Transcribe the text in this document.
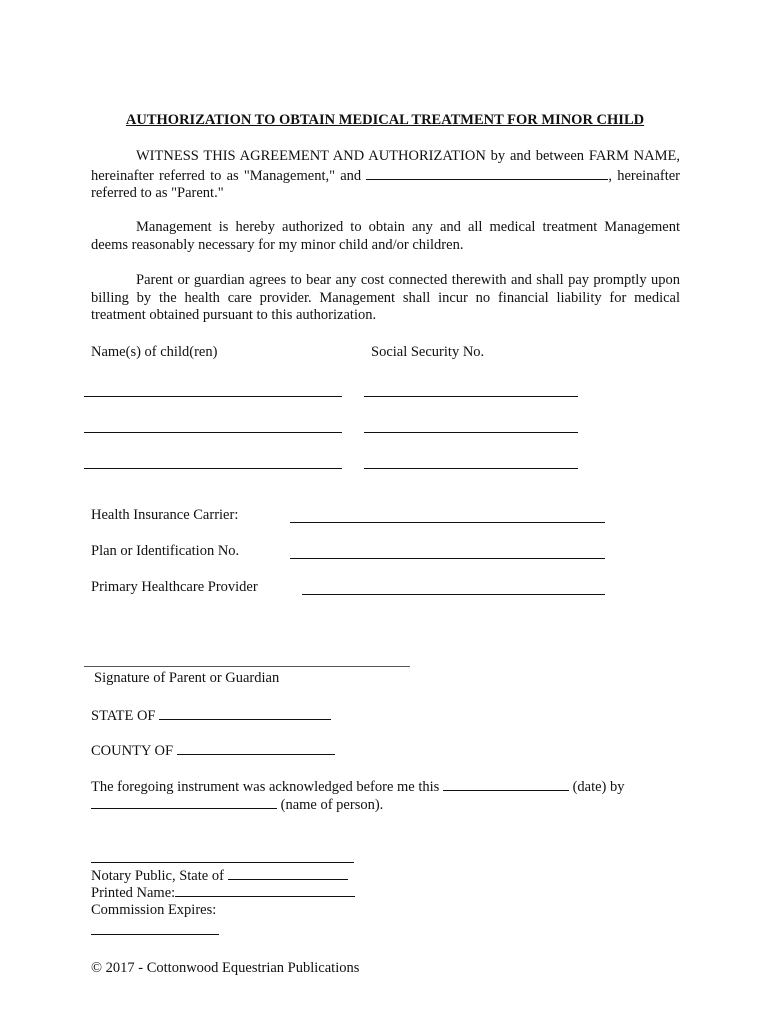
AUTHORIZATION TO OBTAIN MEDICAL TREATMENT FOR MINOR CHILD
WITNESS THIS AGREEMENT AND AUTHORIZATION by and between FARM NAME, hereinafter referred to as "Management," and	, hereinafter referred to as "Parent."
Management is hereby authorized to obtain any and all medical treatment Management deems reasonably necessary for my minor child and/or children.
Parent or guardian agrees to bear any cost connected therewith and shall pay promptly upon billing by the health care provider. Management shall incur no financial liability for medical treatment obtained pursuant to this authorization.
Name(s) of child(ren)	Social Security No.
Health Insurance Carrier:
Plan or Identification No.
Primary Healthcare Provider
Signature of Parent or Guardian
STATE OF
COUNTY OF
The foregoing instrument was acknowledged before me this	(date) by
(name of person).
Notary Public, State of
Printed Name:
Commission Expires:
© 2017 - Cottonwood Equestrian Publications
